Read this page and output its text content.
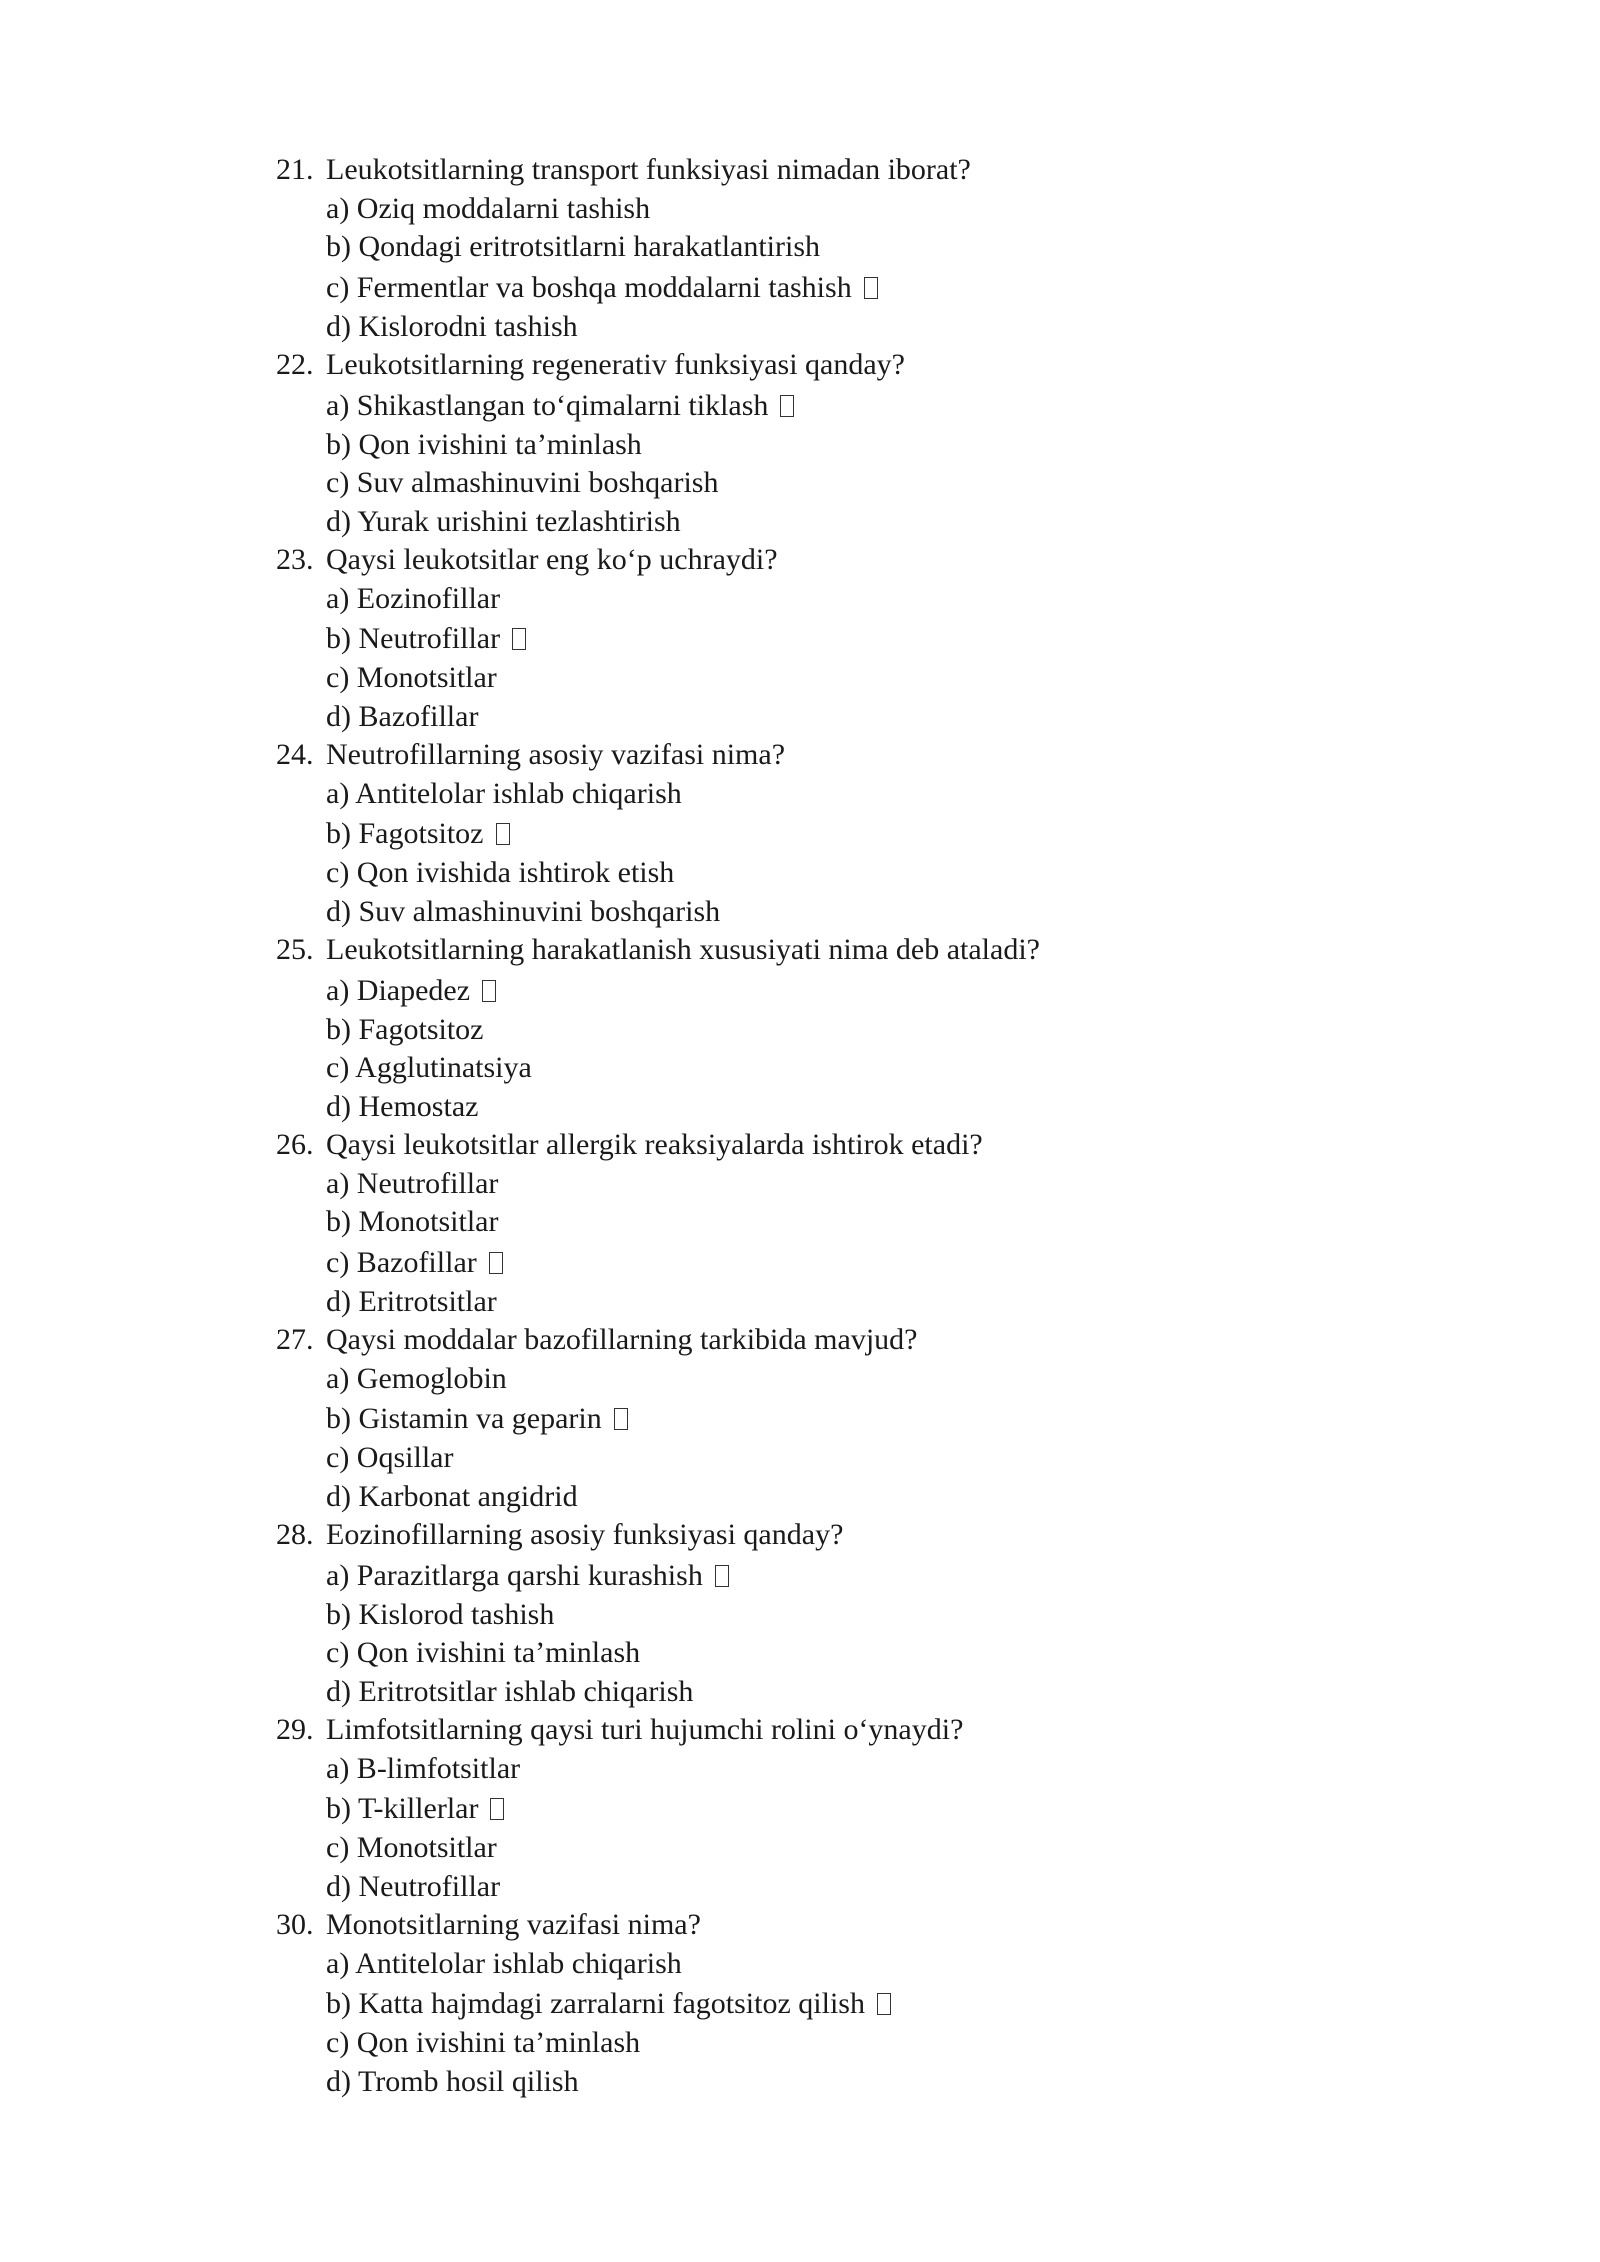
21. Leukotsitlarning transport funksiyasi nimadan iborat?
a) Oziq moddalarni tashish
b) Qondagi eritrotsitlarni harakatlantirish
c) Fermentlar va boshqa moddalarni tashish
d) Kislorodni tashish
22. Leukotsitlarning regenerativ funksiyasi qanday?
a) Shikastlangan to‘qimalarni tiklash
b) Qon ivishini ta’minlash
c) Suv almashinuvini boshqarish
d) Yurak urishini tezlashtirish
23. Qaysi leukotsitlar eng ko‘p uchraydi?
a) Eozinofillar
b) Neutrofillar
c) Monotsitlar
d) Bazofillar
24. Neutrofillarning asosiy vazifasi nima?
a) Antitelolar ishlab chiqarish
b) Fagotsitoz
c) Qon ivishida ishtirok etish
d) Suv almashinuvini boshqarish
25. Leukotsitlarning harakatlanish xususiyati nima deb ataladi?
a) Diapedez
b) Fagotsitoz
c) Agglutinatsiya
d) Hemostaz
26. Qaysi leukotsitlar allergik reaksiyalarda ishtirok etadi?
a) Neutrofillar
b) Monotsitlar
c) Bazofillar
d) Eritrotsitlar
27. Qaysi moddalar bazofillarning tarkibida mavjud?
a) Gemoglobin
b) Gistamin va geparin
c) Oqsillar
d) Karbonat angidrid
28. Eozinofillarning asosiy funksiyasi qanday?
a) Parazitlarga qarshi kurashish
b) Kislorod tashish
c) Qon ivishini ta’minlash
d) Eritrotsitlar ishlab chiqarish
29. Limfotsitlarning qaysi turi hujumchi rolini o‘ynaydi?
a) B-limfotsitlar
b) T-killerlar
c) Monotsitlar
d) Neutrofillar
30. Monotsitlarning vazifasi nima?
a) Antitelolar ishlab chiqarish
b) Katta hajmdagi zarralarni fagotsitoz qilish
c) Qon ivishini ta’minlash
d) Tromb hosil qilish
